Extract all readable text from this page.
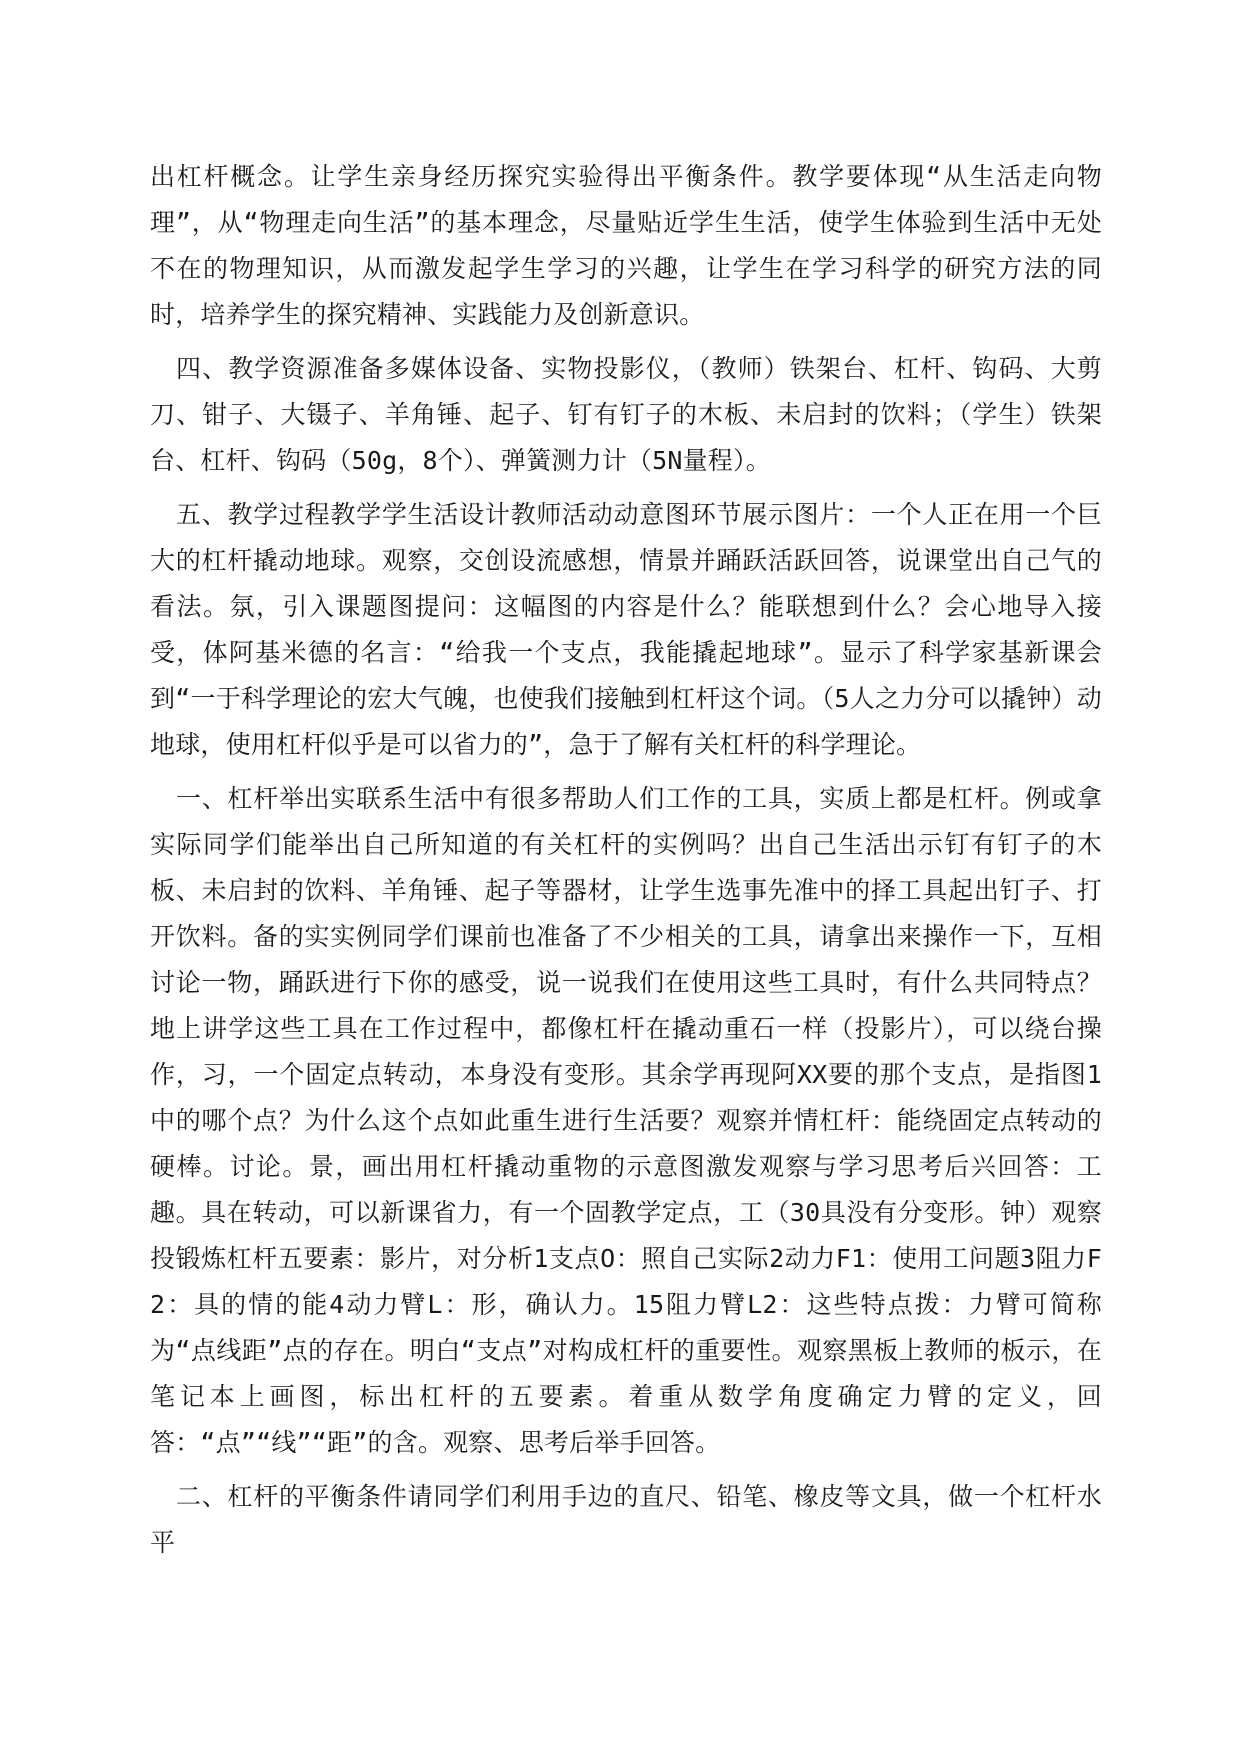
出杠杆概念。让学生亲身经历探究实验得出平衡条件。教学要体现“从生活走向物理”，从“物理走向生活”的基本理念，尽量贴近学生生活，使学生体验到生活中无处不在的物理知识，从而激发起学生学习的兴趣，让学生在学习科学的研究方法的同时，培养学生的探究精神、实践能力及创新意识。

四、教学资源准备多媒体设备、实物投影仪，（教师）铁架台、杠杆、钩码、大剪刀、钳子、大镊子、羊角锤、起子、钉有钉子的木板、未启封的饮料；（学生）铁架台、杠杆、钩码（50g，8个）、弹簧测力计（5N量程）。

五、教学过程教学学生活设计教师活动动意图环节展示图片：一个人正在用一个巨大的杠杆撬动地球。观察，交创设流感想，情景并踊跃活跃回答，说课堂出自己气的看法。氛，引入课题图提问：这幅图的内容是什么？能联想到什么？会心地导入接受，体阿基米德的名言：“给我一个支点，我能撬起地球”。显示了科学家基新课会到“一于科学理论的宏大气魄，也使我们接触到杠杆这个词。（5人之力分可以撬钟）动地球，使用杠杆似乎是可以省力的”，急于了解有关杠杆的科学理论。

一、杠杆举出实联系生活中有很多帮助人们工作的工具，实质上都是杠杆。例或拿实际同学们能举出自己所知道的有关杠杆的实例吗？出自己生活出示钉有钉子的木板、未启封的饮料、羊角锤、起子等器材，让学生选事先准中的择工具起出钉子、打开饮料。备的实实例同学们课前也准备了不少相关的工具，请拿出来操作一下，互相讨论一物，踊跃进行下你的感受，说一说我们在使用这些工具时，有什么共同特点？地上讲学这些工具在工作过程中，都像杠杆在撬动重石一样（投影片），可以绕台操作，习，一个固定点转动，本身没有变形。其余学再现阿XX要的那个支点，是指图1中的哪个点？为什么这个点如此重生进行生活要？观察并情杠杆：能绕固定点转动的硬棒。讨论。景，画出用杠杆撬动重物的示意图激发观察与学习思考后兴回答：工趣。具在转动，可以新课省力，有一个固教学定点，工（30具没有分变形。钟）观察投锻炼杠杆五要素：影片，对分析1支点O：照自己实际2动力F1：使用工问题3阻力F2：具的情的能4动力臂L：形，确认力。15阻力臂L2：这些特点拨：力臂可简称为“点线距”点的存在。明白“支点”对构成杠杆的重要性。观察黑板上教师的板示，在笔记本上画图，标出杠杆的五要素。着重从数学角度确定力臂的定义，回答：“点”“线”“距”的含。观察、思考后举手回答。

二、杠杆的平衡条件请同学们利用手边的直尺、铅笔、橡皮等文具，做一个杠杆水平
